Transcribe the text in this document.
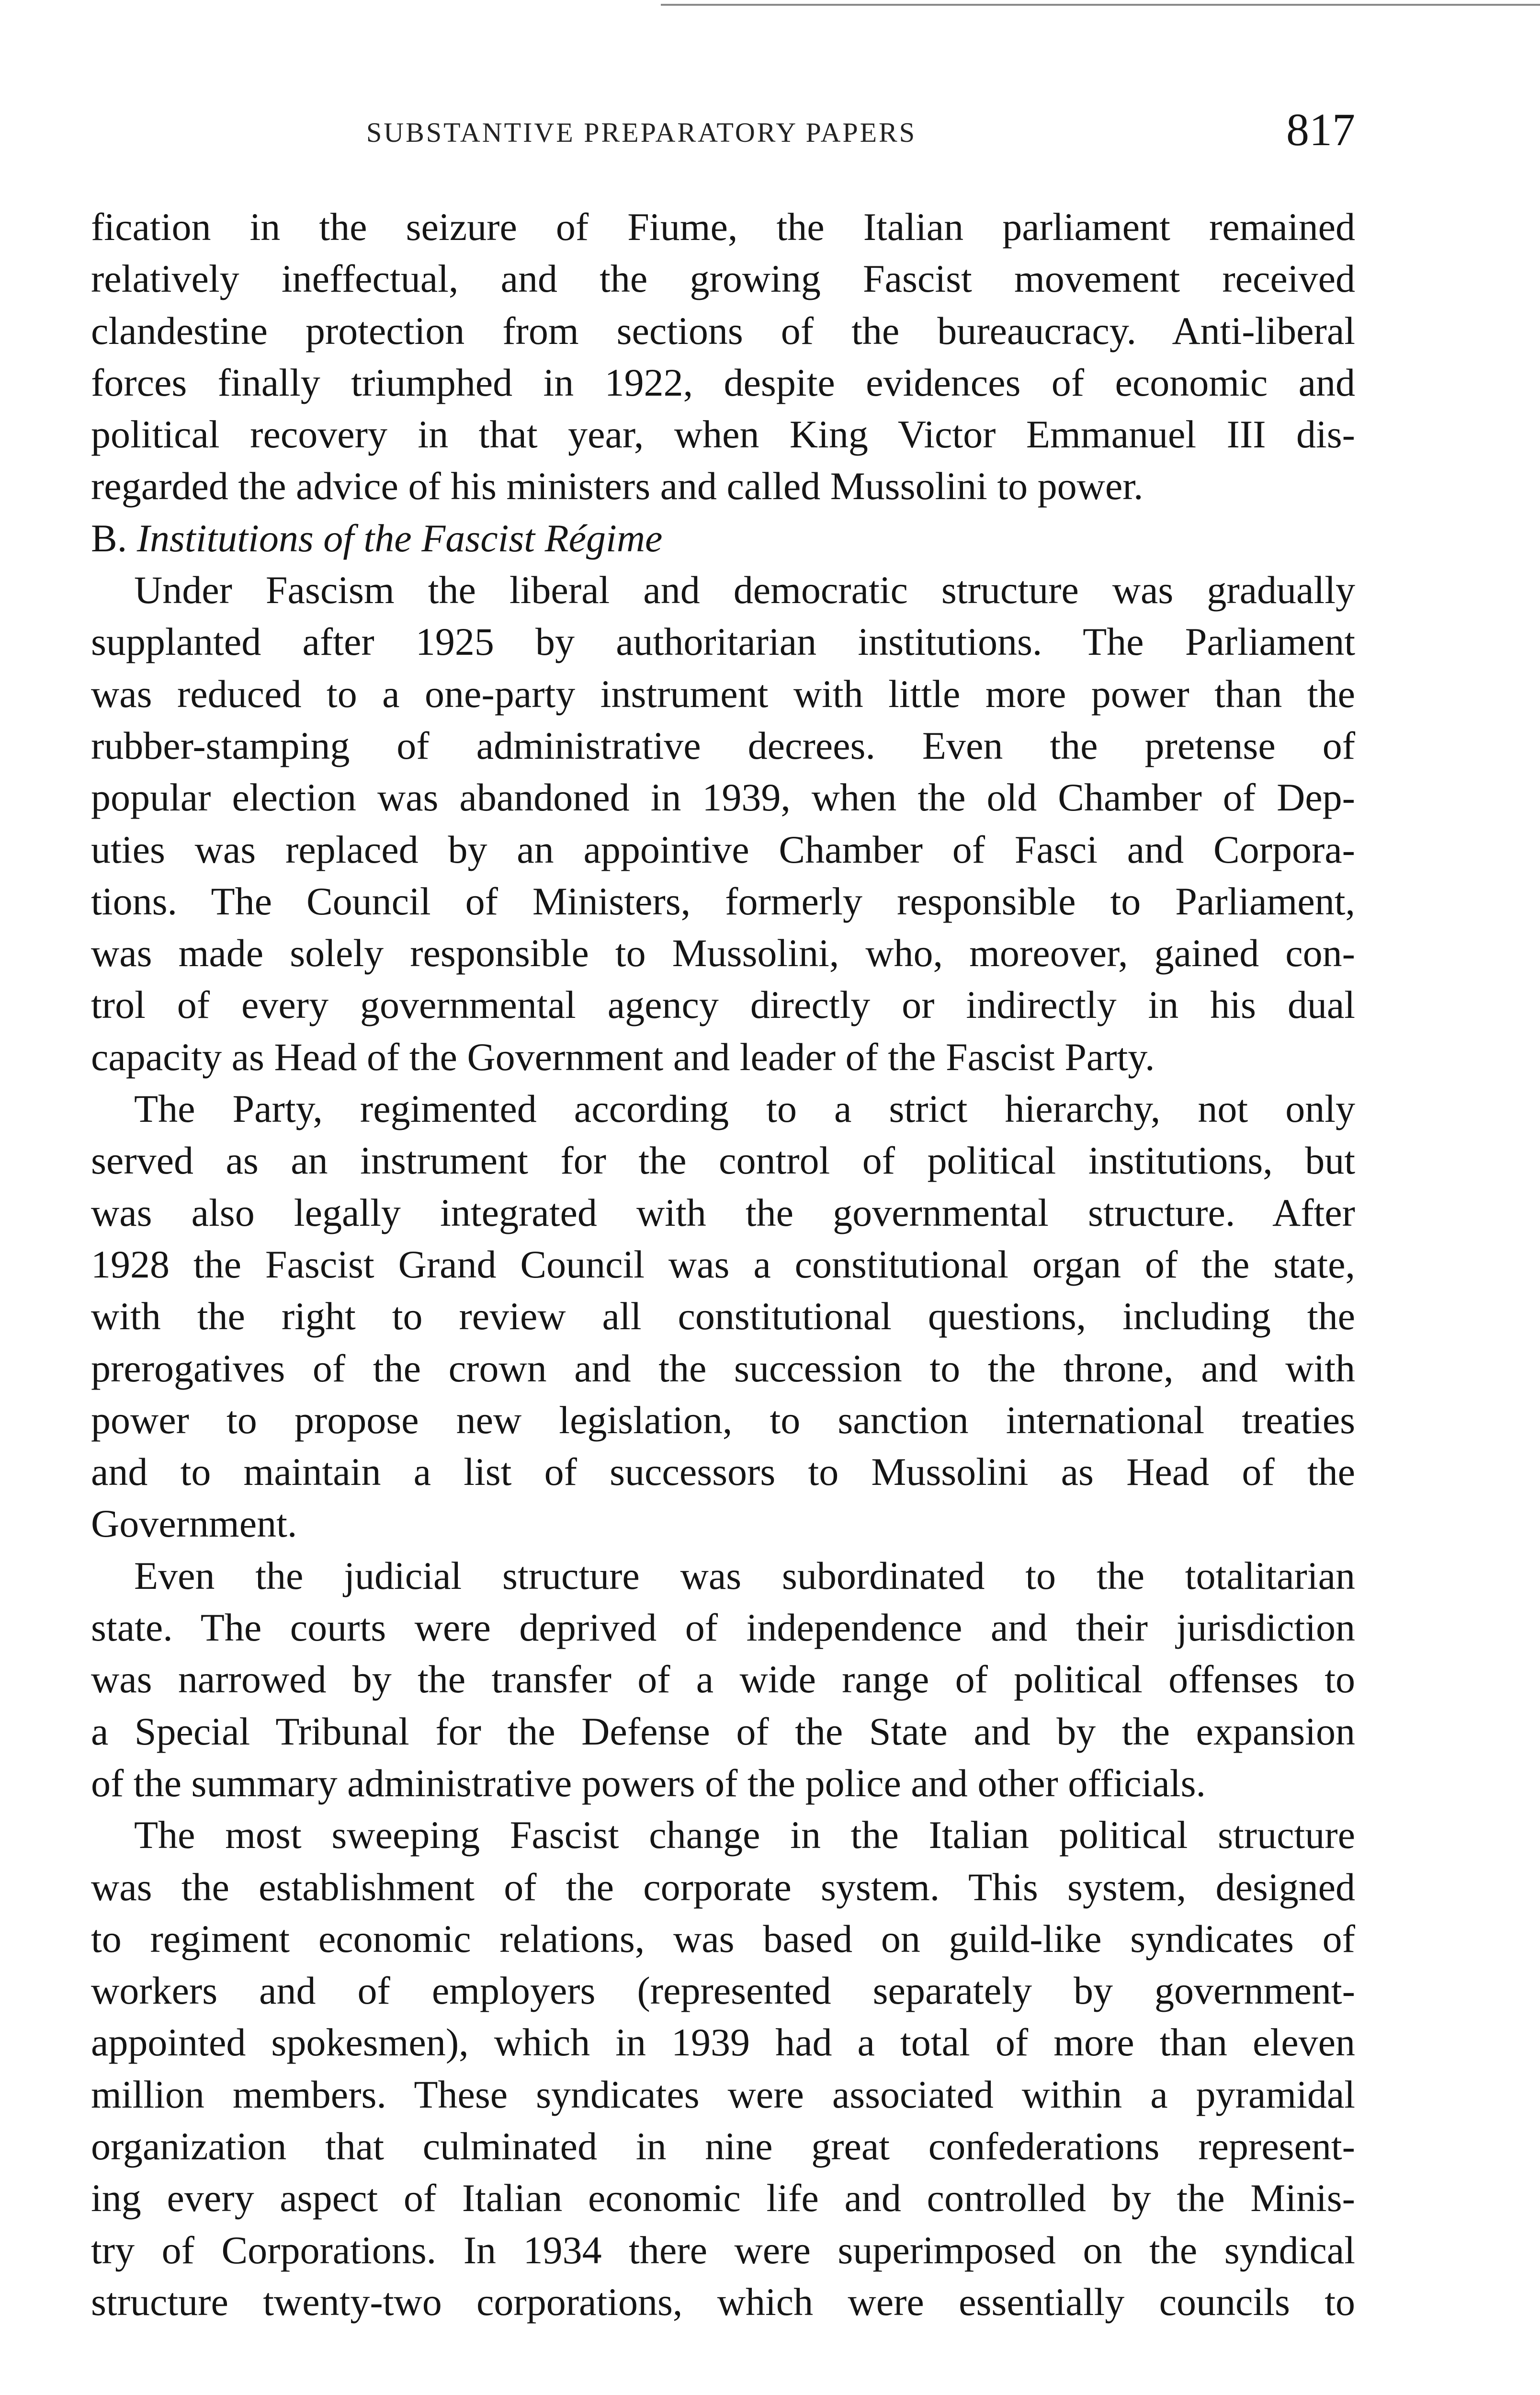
SUBSTANTIVE PREPARATORY PAPERS	817
fication in the seizure of Fiume, the Italian parliament remained
relatively ineffectual, and the growing Fascist movement received
clandestine protection from sections of the bureaucracy. Anti-liberal
forces finally triumphed in 1922, despite evidences of economic and
political recovery in that year, when King Victor Emmanuel III dis-
regarded the advice of his ministers and called Mussolini to power.
B. Institutions of the Fascist Régime
Under Fascism the liberal and democratic structure was gradually
supplanted after 1925 by authoritarian institutions. The Parliament
was reduced to a one-party instrument with little more power than the
rubber-stamping of administrative decrees. Even the pretense of
popular election was abandoned in 1939, when the old Chamber of Dep-
uties was replaced by an appointive Chamber of Fasci and Corpora-
tions. The Council of Ministers, formerly responsible to Parliament,
was made solely responsible to Mussolini, who, moreover, gained con-
trol of every governmental agency directly or indirectly in his dual
capacity as Head of the Government and leader of the Fascist Party.
The Party, regimented according to a strict hierarchy, not only
served as an instrument for the control of political institutions, but
was also legally integrated with the governmental structure. After
1928 the Fascist Grand Council was a constitutional organ of the state,
with the right to review all constitutional questions, including the
prerogatives of the crown and the succession to the throne, and with
power to propose new legislation, to sanction international treaties
and to maintain a list of successors to Mussolini as Head of the
Government.
Even the judicial structure was subordinated to the totalitarian
state. The courts were deprived of independence and their jurisdiction
was narrowed by the transfer of a wide range of political offenses to
a Special Tribunal for the Defense of the State and by the expansion
of the summary administrative powers of the police and other officials.
The most sweeping Fascist change in the Italian political structure
was the establishment of the corporate system. This system, designed
to regiment economic relations, was based on guild-like syndicates of
workers and of employers (represented separately by government-
appointed spokesmen), which in 1939 had a total of more than eleven
million members. These syndicates were associated within a pyramidal
organization that culminated in nine great confederations represent-
ing every aspect of Italian economic life and controlled by the Minis-
try of Corporations. In 1934 there were superimposed on the syndical
structure twenty-two corporations, which were essentially councils to
